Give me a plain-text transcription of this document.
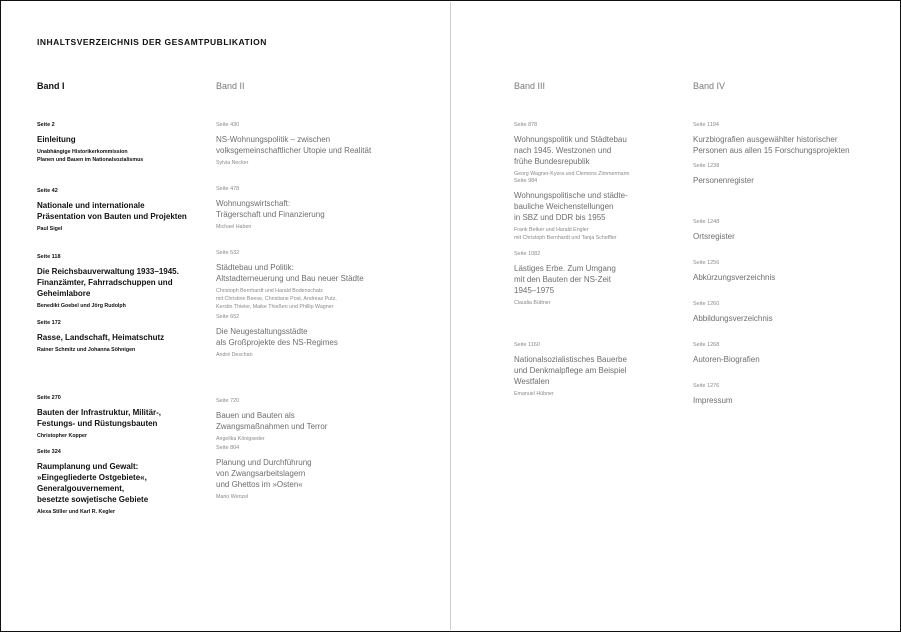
INHALTSVERZEICHNIS DER GESAMTPUBLIKATION
Band I
Seite 2
Einleitung
Unabhängige Historikerkommission
Planen und Bauen im Nationalsozialismus
Seite 42
Nationale und internationale
Präsentation von Bauten und Projekten
Paul Sigel
Seite 118
Die Reichsbauverwaltung 1933–1945.
Finanzämter, Fahrradschuppen und
Geheimlabore
Benedikt Goebel und Jörg Rudolph
Seite 172
Rasse, Landschaft, Heimatschutz
Rainer Schmitz und Johanna Söhnigen
Seite 270
Bauten der Infrastruktur, Militär-,
Festungs- und Rüstungsbauten
Christopher Kopper
Seite 324
Raumplanung und Gewalt:
»Eingegliederte Ostgebiete«,
Generalgouvernement,
besetzte sowjetische Gebiete
Alexa Stiller und Karl R. Kegler
Band II
Seite 430
NS-Wohnungspolitik – zwischen
volksgemeinschaftlicher Utopie und Realität
Sylvia Necker
Seite 478
Wohnungswirtschaft:
Trägerschaft und Finanzierung
Michael Haben
Seite 532
Städtebau und Politik:
Altstadterneuerung und Bau neuer Städte
Christoph Bernhardt und Harald Bodenschatz
mit Christine Beese, Christiane Post, Andreas Putz,
Kerstin Thieler, Maike Thießen und Phillip Wagner
Seite 652
Die Neugestaltungsstädte
als Großprojekte des NS-Regimes
André Deschan
Seite 720
Bauen und Bauten als
Zwangsmaßnahmen und Terror
Angelika Königseder
Seite 804
Planung und Durchführung
von Zwangsarbeitslagern
und Ghettos im »Osten«
Mario Wenzel
Band III
Seite 878
Wohnungspolitik und Städtebau
nach 1945. Westzonen und
frühe Bundesrepublik
Georg Wagner-Kyora und Clemens Zimmermann
Seite 984
Wohnungspolitische und städte-
bauliche Weichenstellungen
in SBZ und DDR bis 1955
Frank Betker und Harald Engler
mit Christoph Bernhardt und Tanja Scheffler
Seite 1082
Lästiges Erbe. Zum Umgang
mit den Bauten der NS-Zeit
1945–1975
Claudia Büttner
Seite 1160
Nationalsozialistisches Bauerbe
und Denkmalpflege am Beispiel
Westfalen
Emanuel Hübner
Band IV
Seite 1194
Kurzbiografien ausgewählter historischer
Personen aus allen 15 Forschungsprojekten
Seite 1238
Personenregister
Seite 1248
Ortsregister
Seite 1256
Abkürzungsverzeichnis
Seite 1260
Abbildungsverzeichnis
Seite 1268
Autoren-Biografien
Seite 1276
Impressum
